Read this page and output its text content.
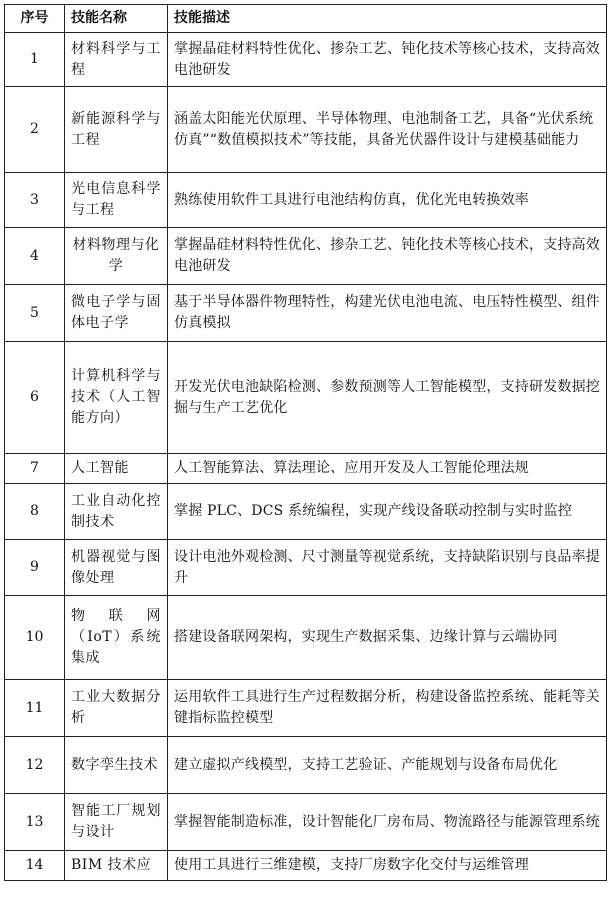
序号	技能名称	技能描述
1	材料科学与工程	掌握晶硅材料特性优化、掺杂工艺、钝化技术等核心技术，支持高效电池研发
2	新能源科学与工程	涵盖太阳能光伏原理、半导体物理、电池制备工艺，具备“光伏系统仿真”“数值模拟技术”等技能，具备光伏器件设计与建模基础能力
3	光电信息科学与工程	熟练使用软件工具进行电池结构仿真，优化光电转换效率
4	材料物理与化学	掌握晶硅材料特性优化、掺杂工艺、钝化技术等核心技术，支持高效电池研发
5	微电子学与固体电子学	基于半导体器件物理特性，构建光伏电池电流、电压特性模型、组件仿真模拟
6	计算机科学与技术（人工智能方向）	开发光伏电池缺陷检测、参数预测等人工智能模型，支持研发数据挖掘与生产工艺优化
7	人工智能	人工智能算法、算法理论、应用开发及人工智能伦理法规
8	工业自动化控制技术	掌握 PLC、DCS 系统编程，实现产线设备联动控制与实时监控
9	机器视觉与图像处理	设计电池外观检测、尺寸测量等视觉系统，支持缺陷识别与良品率提升
10	物联网（IoT）系统集成	搭建设备联网架构，实现生产数据采集、边缘计算与云端协同
11	工业大数据分析	运用软件工具进行生产过程数据分析，构建设备监控系统、能耗等关键指标监控模型
12	数字孪生技术	建立虚拟产线模型，支持工艺验证、产能规划与设备布局优化
13	智能工厂规划与设计	掌握智能制造标准，设计智能化厂房布局、物流路径与能源管理系统
14	BIM 技术应	使用工具进行三维建模，支持厂房数字化交付与运维管理
